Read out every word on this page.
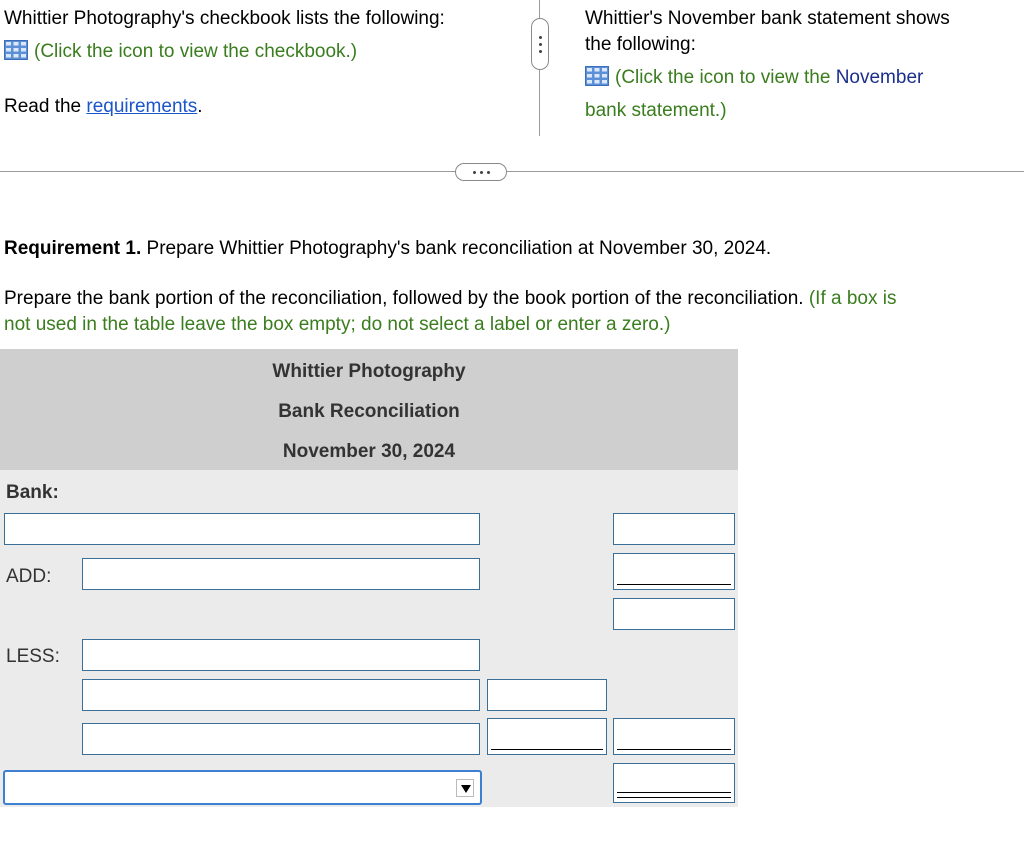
Whittier Photography's checkbook lists the following:
(Click the icon to view the checkbook.)
Read the requirements.
Whittier's November bank statement shows
the following:
(Click the icon to view the November
bank statement.)
Requirement 1. Prepare Whittier Photography's bank reconciliation at November 30, 2024.
Prepare the bank portion of the reconciliation, followed by the book portion of the reconciliation. (If a box is
not used in the table leave the box empty; do not select a label or enter a zero.)
Whittier Photography
Bank Reconciliation
November 30, 2024
Bank:
ADD:
LESS:
